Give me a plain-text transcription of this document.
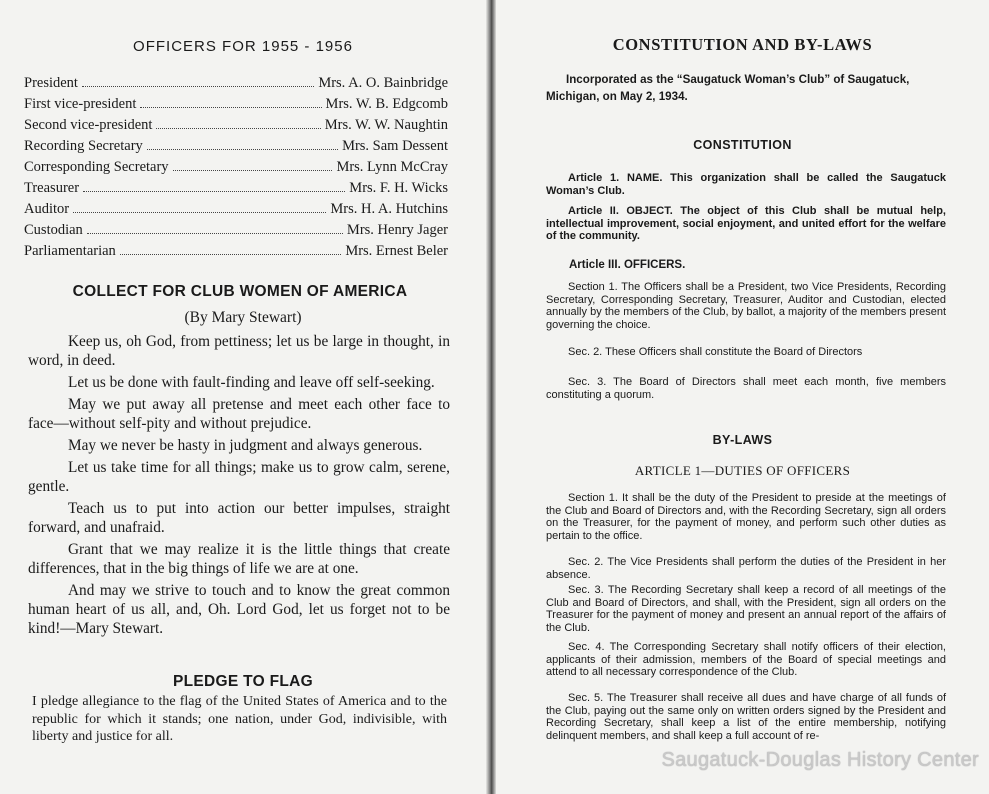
OFFICERS FOR 1955 - 1956
President	Mrs. A. O. Bainbridge
First vice-president	Mrs. W. B. Edgcomb
Second vice-president	Mrs. W. W. Naughtin
Recording Secretary	Mrs. Sam Dessent
Corresponding Secretary	Mrs. Lynn McCray
Treasurer	Mrs. F. H. Wicks
Auditor	Mrs. H. A. Hutchins
Custodian	Mrs. Henry Jager
Parliamentarian	Mrs. Ernest Beler
COLLECT FOR CLUB WOMEN OF AMERICA
(By Mary Stewart)

Keep us, oh God, from pettiness; let us be large in thought, in word, in deed.

Let us be done with fault-finding and leave off self-seeking.

May we put away all pretense and meet each other face to face—without self-pity and without prejudice.

May we never be hasty in judgment and always generous.

Let us take time for all things; make us to grow calm, serene, gentle.

Teach us to put into action our better impulses, straight forward, and unafraid.

Grant that we may realize it is the little things that create differences, that in the big things of life we are at one.

And may we strive to touch and to know the great common human heart of us all, and, Oh. Lord God, let us forget not to be kind!—Mary Stewart.

PLEDGE TO FLAG
I pledge allegiance to the flag of the United States of America and to the republic for which it stands; one nation, under God, indivisible, with liberty and justice for all.
CONSTITUTION AND BY-LAWS
Incorporated as the “Saugatuck Woman’s Club” of Saugatuck, Michigan, on May 2, 1934.
CONSTITUTION
Article 1. NAME. This organization shall be called the Saugatuck Woman’s Club.
Article II. OBJECT. The object of this Club shall be mutual help, intellectual improvement, social enjoyment, and united effort for the welfare of the community.
Article III. OFFICERS.
Section 1. The Officers shall be a President, two Vice Presidents, Recording Secretary, Corresponding Secretary, Treasurer, Auditor and Custodian, elected annually by the members of the Club, by ballot, a majority of the members present governing the choice.
Sec. 2. These Officers shall constitute the Board of Directors
Sec. 3. The Board of Directors shall meet each month, five members constituting a quorum.
BY-LAWS
ARTICLE 1—DUTIES OF OFFICERS
Section 1. It shall be the duty of the President to preside at the meetings of the Club and Board of Directors and, with the Recording Secretary, sign all orders on the Treasurer, for the payment of money, and perform such other duties as pertain to the office.
Sec. 2. The Vice Presidents shall perform the duties of the President in her absence.
Sec. 3. The Recording Secretary shall keep a record of all meetings of the Club and Board of Directors, and shall, with the President, sign all orders on the Treasurer for the payment of money and present an annual report of the affairs of the Club.
Sec. 4. The Corresponding Secretary shall notify officers of their election, applicants of their admission, members of the Board of special meetings and attend to all necessary correspondence of the Club.
Sec. 5. The Treasurer shall receive all dues and have charge of all funds of the Club, paying out the same only on written orders signed by the President and Recording Secretary, shall keep a list of the entire membership, notifying delinquent members, and shall keep a full account of re-
Saugatuck-Douglas History Center
